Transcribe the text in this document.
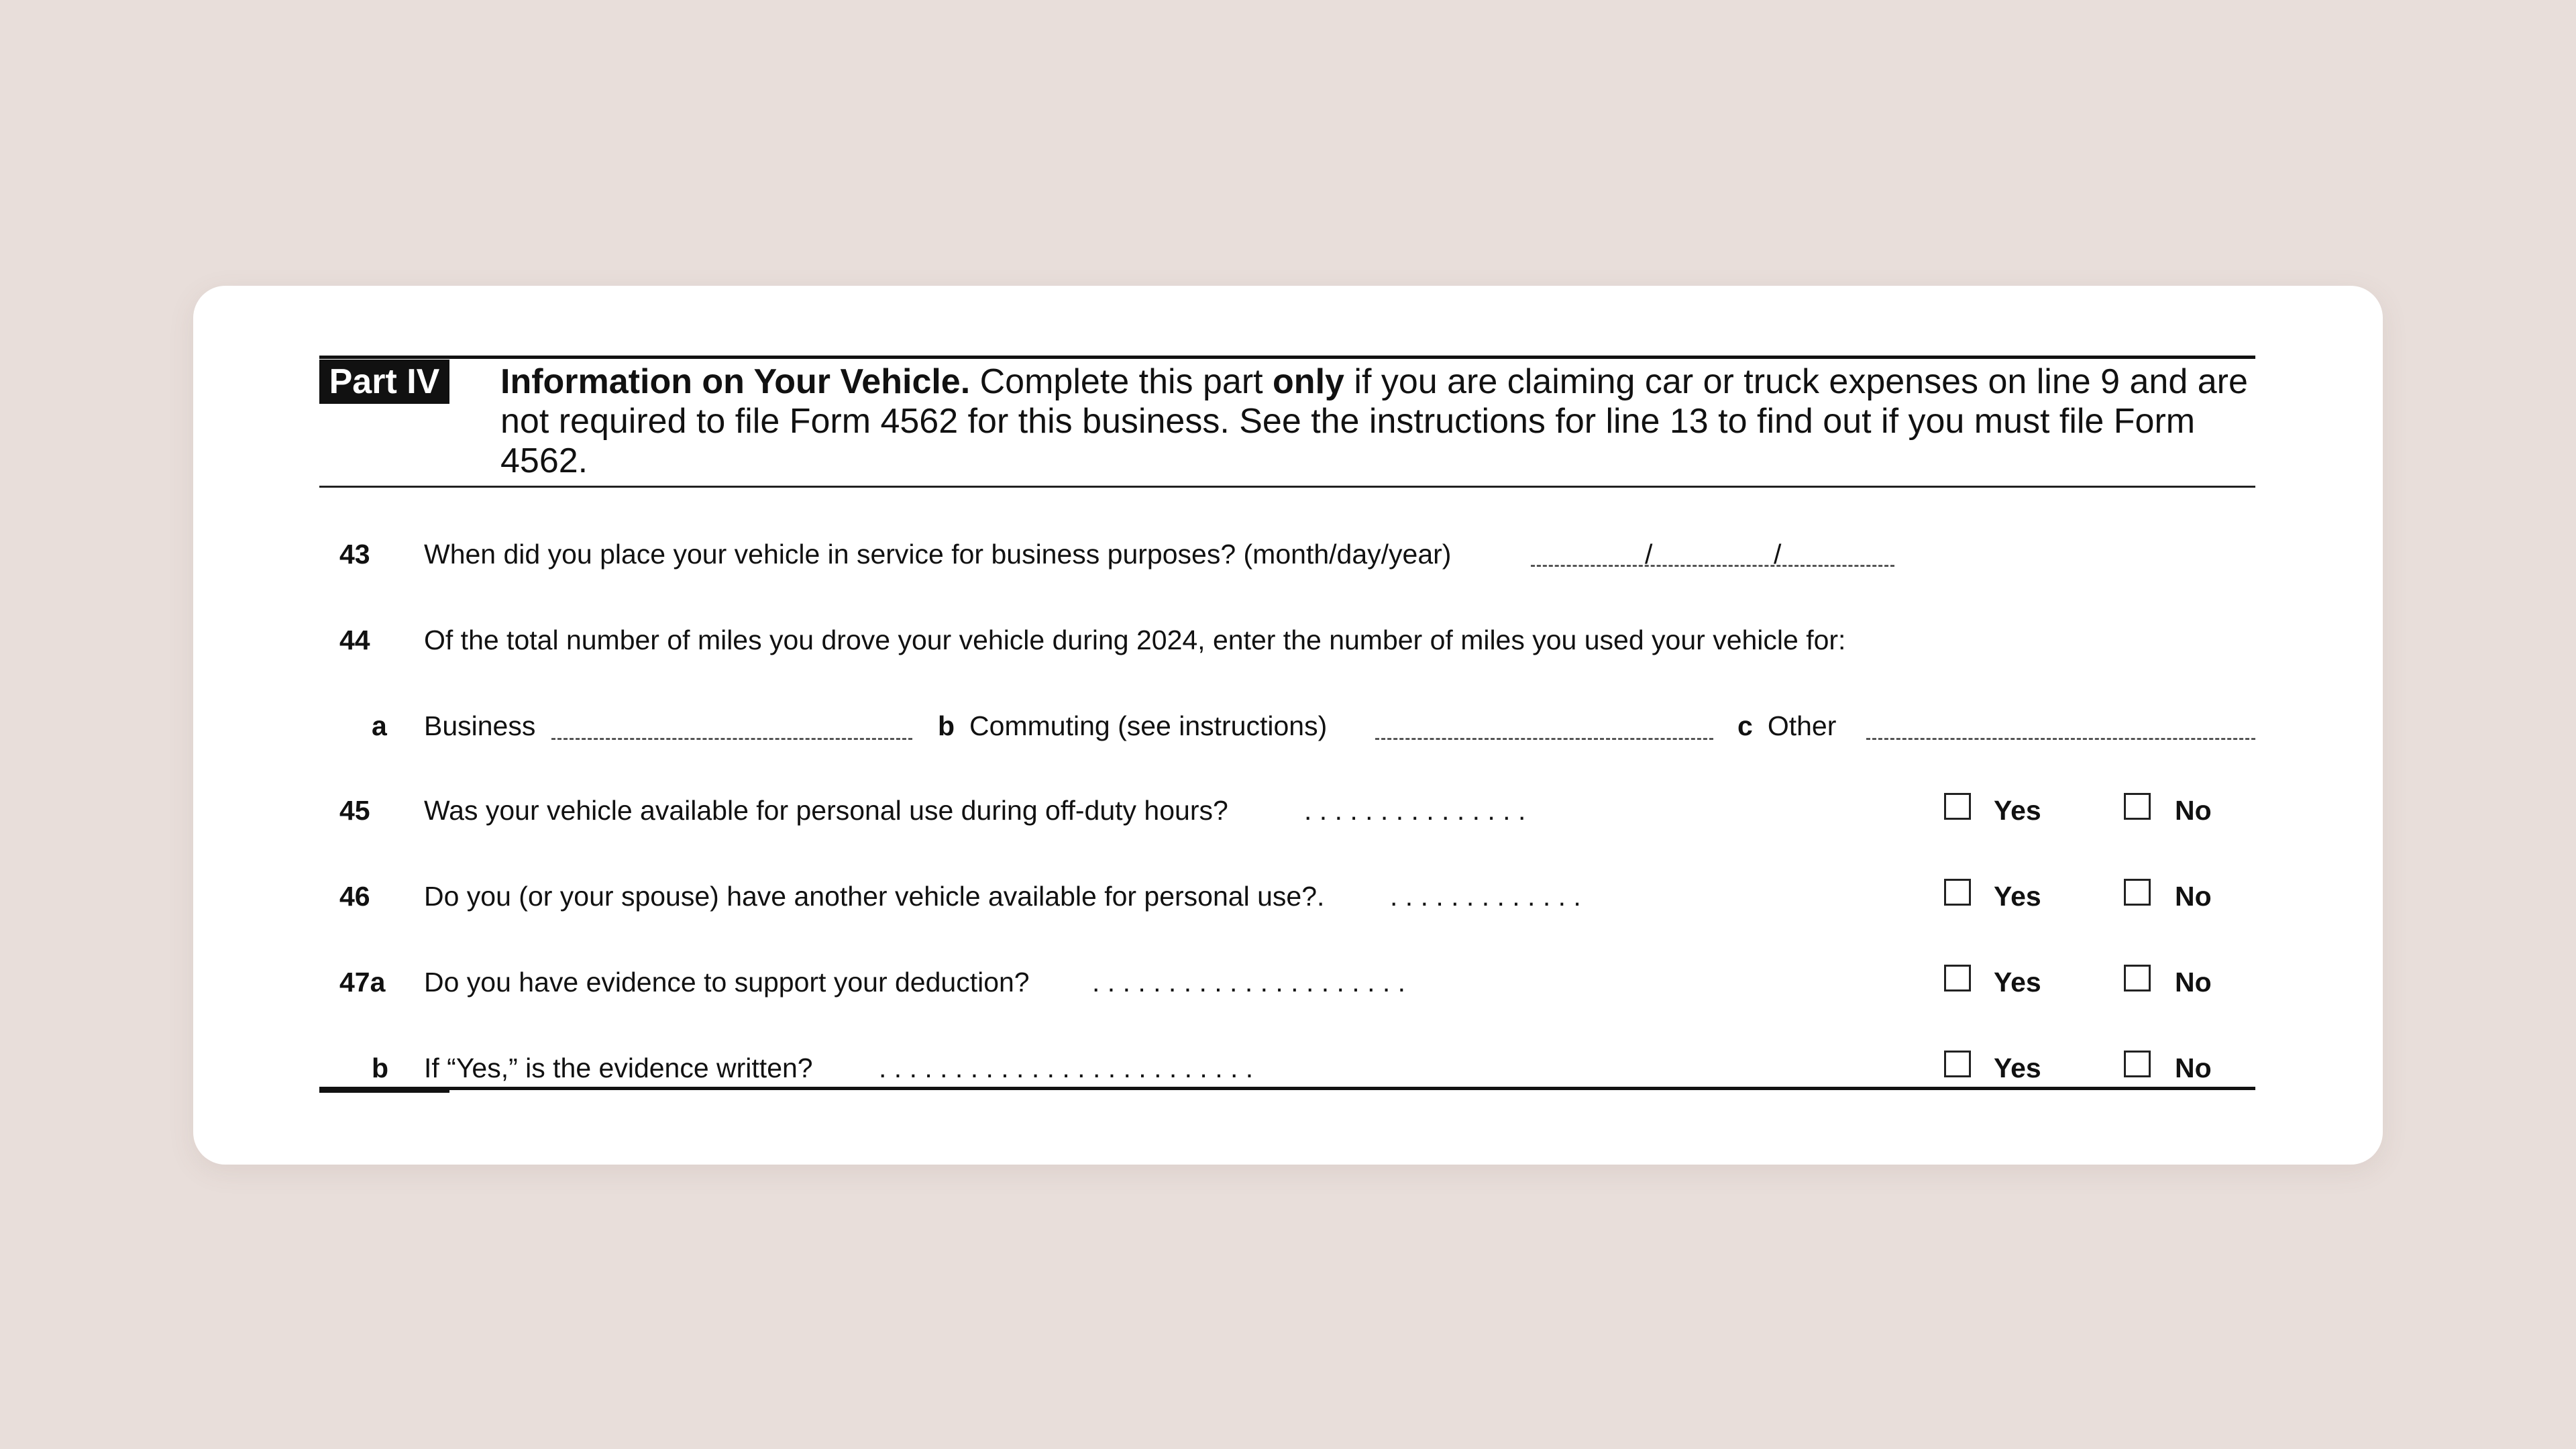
Part IV Information on Your Vehicle. Complete this part only if you are claiming car or truck expenses on line 9 and are not required to file Form 4562 for this business. See the instructions for line 13 to find out if you must file Form 4562.
43	When did you place your vehicle in service for business purposes? (month/day/year)	/	/
44	Of the total number of miles you drove your vehicle during 2024, enter the number of miles you used your vehicle for:
a	Business	b Commuting (see instructions)	c Other
45	Was your vehicle available for personal use during off-duty hours?	. . . . . . . . . . . . . . .	Yes	No
46	Do you (or your spouse) have another vehicle available for personal use?. . . . . . . . . . . . . .	Yes	No
47a Do you have evidence to support your deduction? . . . . . . . . . . . . . . . . . . . . .	Yes	No
b	If “Yes,” is the evidence written? . . . . . . . . . . . . . . . . . . . . . . . . .	Yes	No
